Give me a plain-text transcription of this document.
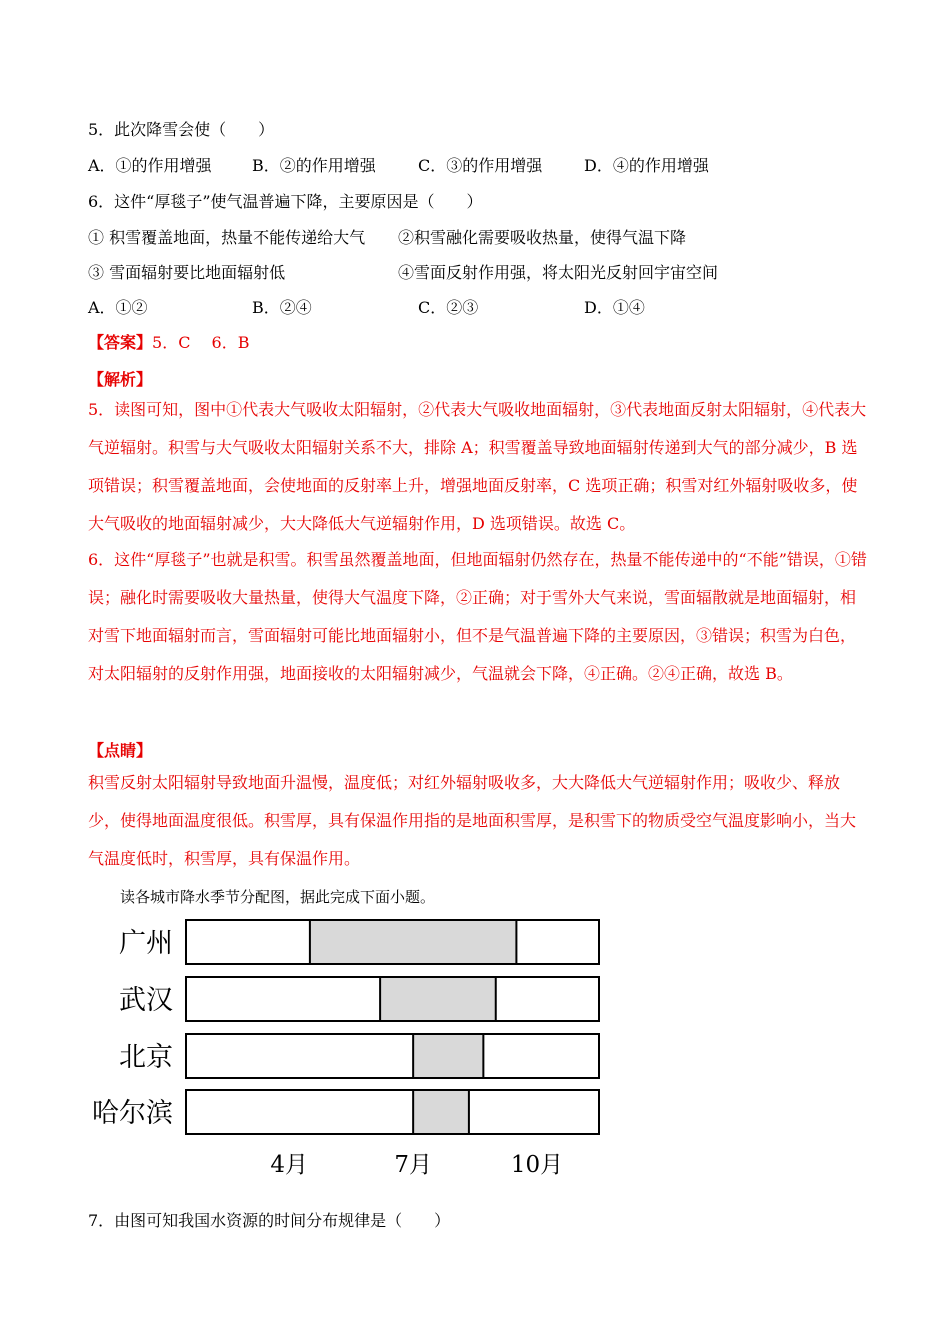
5．此次降雪会使（　　）
A．①的作用增强	B．②的作用增强	C．③的作用增强	D．④的作用增强
6．这件“厚毯子”使气温普遍下降，主要原因是（　　）
① 积雪覆盖地面，热量不能传递给大气 ②积雪融化需要吸收热量，使得气温下降
③ 雪面辐射要比地面辐射低	④雪面反射作用强，将太阳光反射回宇宙空间
A．①②	B．②④	C．②③	D．①④
【答案】5．C　 6．B
【解析】
5．读图可知，图中①代表大气吸收太阳辐射，②代表大气吸收地面辐射，③代表地面反射太阳辐射，④代表大气逆辐射。积雪与大气吸收太阳辐射关系不大，排除 A；积雪覆盖导致地面辐射传递到大气的部分减少，B 选项错误；积雪覆盖地面，会使地面的反射率上升，增强地面反射率，C 选项正确；积雪对红外辐射吸收多，使大气吸收的地面辐射减少，大大降低大气逆辐射作用，D 选项错误。故选 C。
6．这件“厚毯子”也就是积雪。积雪虽然覆盖地面，但地面辐射仍然存在，热量不能传递中的“不能”错误，①错误；融化时需要吸收大量热量，使得大气温度下降，②正确；对于雪外大气来说，雪面辐散就是地面辐射，相对雪下地面辐射而言，雪面辐射可能比地面辐射小，但不是气温普遍下降的主要原因，③错误；积雪为白色，对太阳辐射的反射作用强，地面接收的太阳辐射减少，气温就会下降，④正确。②④正确，故选 B。
【点睛】
积雪反射太阳辐射导致地面升温慢，温度低；对红外辐射吸收多，大大降低大气逆辐射作用；吸收少、释放少，使得地面温度很低。积雪厚，具有保温作用指的是地面积雪厚，是积雪下的物质受空气温度影响小，当大气温度低时，积雪厚，具有保温作用。
读各城市降水季节分配图，据此完成下面小题。
广州
武汉
北京
哈尔滨
4月	7月	10月
7．由图可知我国水资源的时间分布规律是（　　）
